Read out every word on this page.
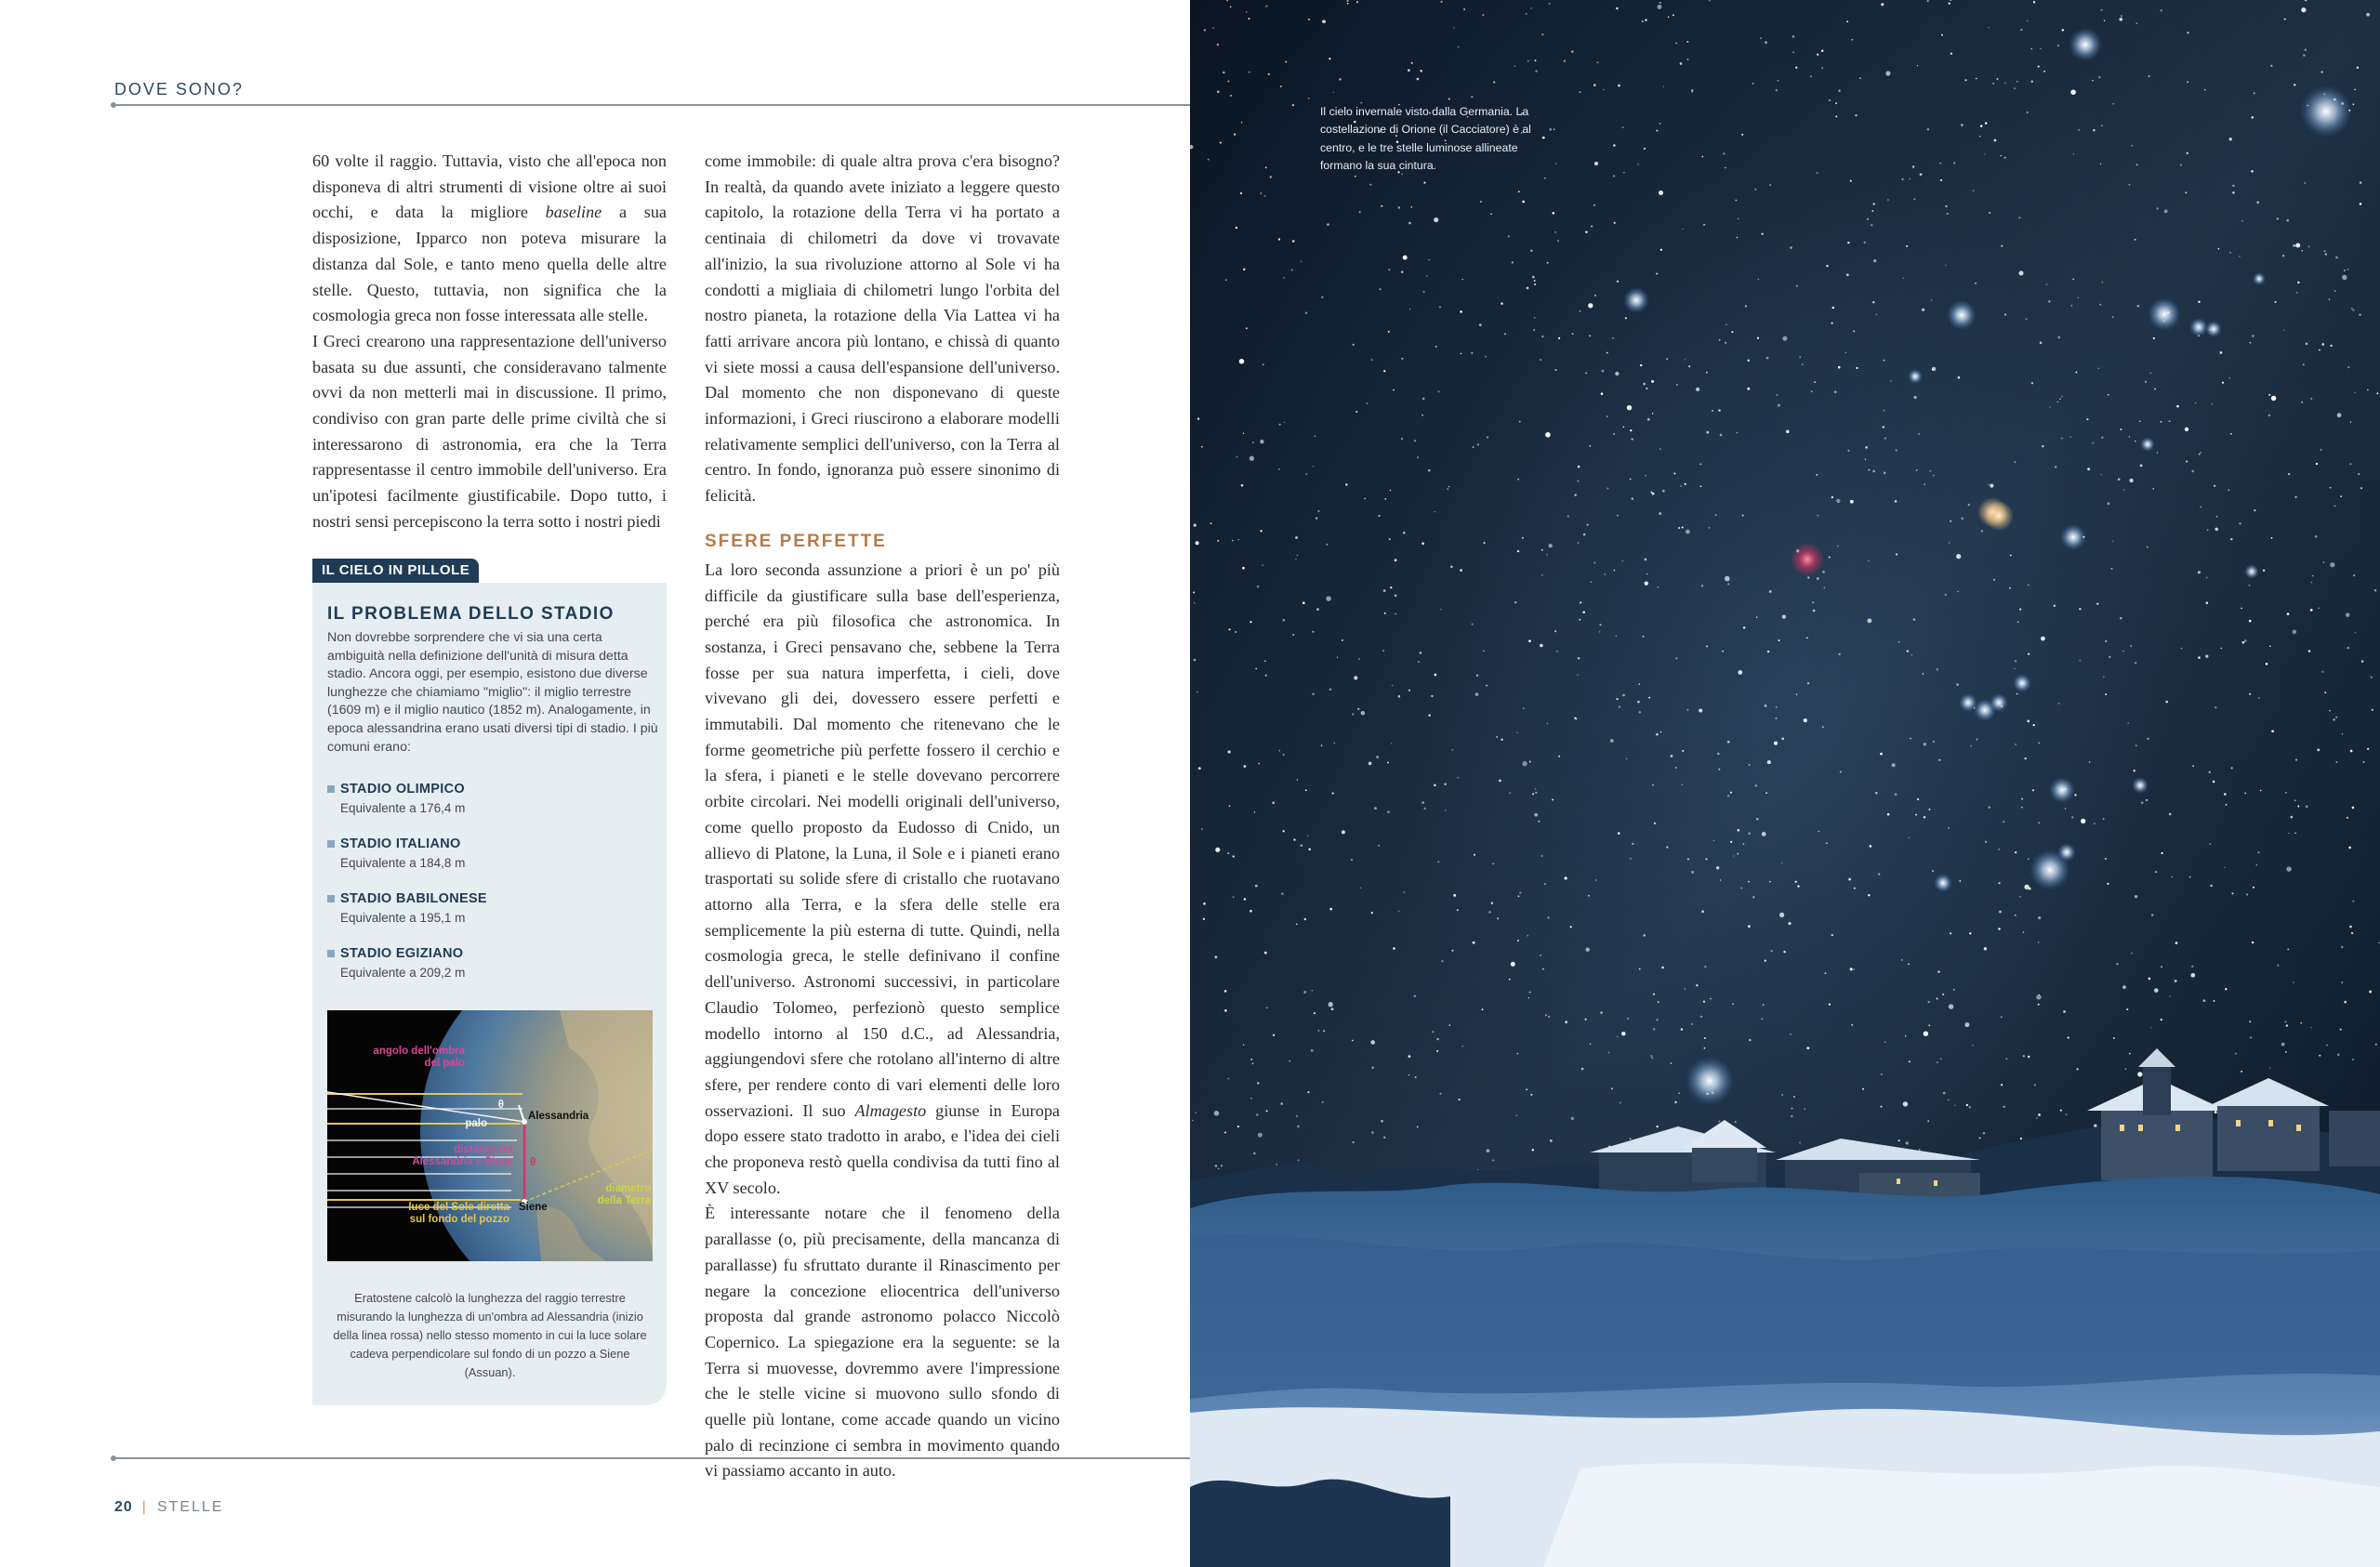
DOVE SONO?

60 volte il raggio. Tuttavia, visto che all'epoca non disponeva di altri strumenti di visione oltre ai suoi occhi, e data la migliore baseline a sua disposizione, Ipparco non poteva misurare la distanza dal Sole, e tanto meno quella delle altre stelle. Questo, tuttavia, non significa che la cosmologia greca non fosse interessata alle stelle.

I Greci crearono una rappresentazione dell'universo basata su due assunti, che consideravano talmente ovvi da non metterli mai in discussione. Il primo, condiviso con gran parte delle prime civiltà che si interessarono di astronomia, era che la Terra rappresentasse il centro immobile dell'universo. Era un'ipotesi facilmente giustificabile. Dopo tutto, i nostri sensi percepiscono la terra sotto i nostri piedi

come immobile: di quale altra prova c'era bisogno? In realtà, da quando avete iniziato a leggere questo capitolo, la rotazione della Terra vi ha portato a centinaia di chilometri da dove vi trovavate all'inizio, la sua rivoluzione attorno al Sole vi ha condotti a migliaia di chilometri lungo l'orbita del nostro pianeta, la rotazione della Via Lattea vi ha fatti arrivare ancora più lontano, e chissà di quanto vi siete mossi a causa dell'espansione dell'universo. Dal momento che non disponevano di queste informazioni, i Greci riuscirono a elaborare modelli relativamente semplici dell'universo, con la Terra al centro. In fondo, ignoranza può essere sinonimo di felicità.

SFERE PERFETTE

La loro seconda assunzione a priori è un po' più difficile da giustificare sulla base dell'esperienza, perché era più filosofica che astronomica. In sostanza, i Greci pensavano che, sebbene la Terra fosse per sua natura imperfetta, i cieli, dove vivevano gli dei, dovessero essere perfetti e immutabili. Dal momento che ritenevano che le forme geometriche più perfette fossero il cerchio e la sfera, i pianeti e le stelle dovevano percorrere orbite circolari. Nei modelli originali dell'universo, come quello proposto da Eudosso di Cnido, un allievo di Platone, la Luna, il Sole e i pianeti erano trasportati su solide sfere di cristallo che ruotavano attorno alla Terra, e la sfera delle stelle era semplicemente la più esterna di tutte. Quindi, nella cosmologia greca, le stelle definivano il confine dell'universo. Astronomi successivi, in particolare Claudio Tolomeo, perfezionò questo semplice modello intorno al 150 d.C., ad Alessandria, aggiungendovi sfere che rotolano all'interno di altre sfere, per rendere conto di vari elementi delle loro osservazioni. Il suo Almagesto giunse in Europa dopo essere stato tradotto in arabo, e l'idea dei cieli che proponeva restò quella condivisa da tutti fino al XV secolo.

È interessante notare che il fenomeno della parallasse (o, più precisamente, della mancanza di parallasse) fu sfruttato durante il Rinascimento per negare la concezione eliocentrica dell'universo proposta dal grande astronomo polacco Niccolò Copernico. La spiegazione era la seguente: se la Terra si muovesse, dovremmo avere l'impressione che le stelle vicine si muovono sullo sfondo di quelle più lontane, come accade quando un vicino palo di recinzione ci sembra in movimento quando vi passiamo accanto in auto.

IL CIELO IN PILLOLE
IL PROBLEMA DELLO STADIO
Non dovrebbe sorprendere che vi sia una certa ambiguità nella definizione dell'unità di misura detta stadio. Ancora oggi, per esempio, esistono due diverse lunghezze che chiamiamo "miglio": il miglio terrestre (1609 m) e il miglio nautico (1852 m). Analogamente, in epoca alessandrina erano usati diversi tipi di stadio. I più comuni erano:
STADIO OLIMPICO
Equivalente a 176,4 m
STADIO ITALIANO
Equivalente a 184,8 m
STADIO BABILONESE
Equivalente a 195,1 m
STADIO EGIZIANO
Equivalente a 209,2 m
angolo dell'ombra
del palo
θ
palo
Alessandria
distanza tra
Alessandria e Siene θ
luce del Sole diretta
sul fondo del pozzo
Siene
diametro
della Terra
Eratostene calcolò la lunghezza del raggio terrestre misurando la lunghezza di un'ombra ad Alessandria (inizio della linea rossa) nello stesso momento in cui la luce solare cadeva perpendicolare sul fondo di un pozzo a Siene (Assuan).
20 | STELLE
Il cielo invernale visto dalla Germania. La costellazione di Orione (il Cacciatore) è al centro, e le tre stelle luminose allineate formano la sua cintura.
